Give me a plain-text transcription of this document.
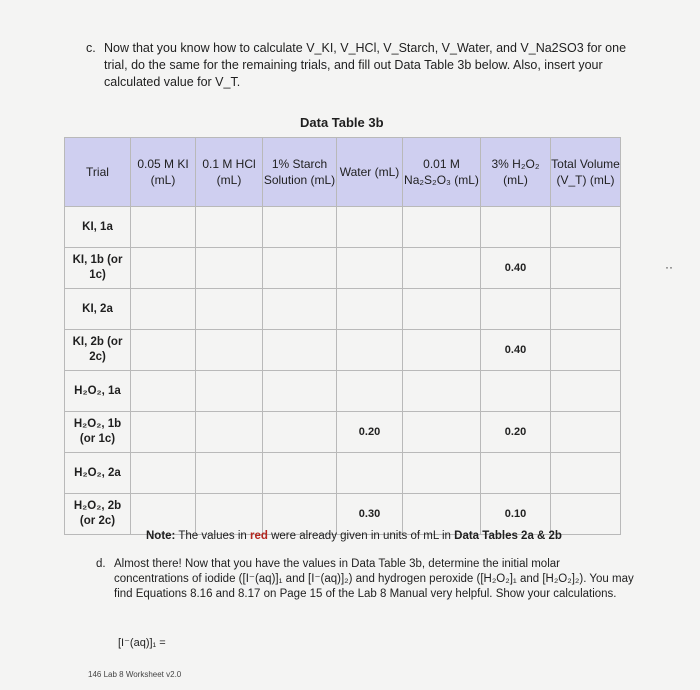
c. Now that you know how to calculate V_KI, V_HCl, V_Starch, V_Water, and V_Na2SO3 for one trial, do the same for the remaining trials, and fill out Data Table 3b below. Also, insert your calculated value for V_T.
Data Table 3b
Trial	0.05 M KI (mL)	0.1 M HCl (mL)	1% Starch Solution (mL)	Water (mL)	0.01 M Na₂S₂O₃ (mL)	3% H₂O₂ (mL)	Total Volume (V_T) (mL)
KI, 1a							
KI, 1b (or 1c)						0.40	
KI, 2a							
KI, 2b (or 2c)						0.40	
H₂O₂, 1a							
H₂O₂, 1b (or 1c)				0.20		0.20	
H₂O₂, 2a							
H₂O₂, 2b (or 2c)				0.30		0.10	
Note: The values in red were already given in units of mL in Data Tables 2a & 2b
d. Almost there! Now that you have the values in Data Table 3b, determine the initial molar concentrations of iodide ([I⁻(aq)]₁ and [I⁻(aq)]₂) and hydrogen peroxide ([H₂O₂]₁ and [H₂O₂]₂). You may find Equations 8.16 and 8.17 on Page 15 of the Lab 8 Manual very helpful. Show your calculations.
[I⁻(aq)]₁ =
··
146 Lab 8 Worksheet v2.0
